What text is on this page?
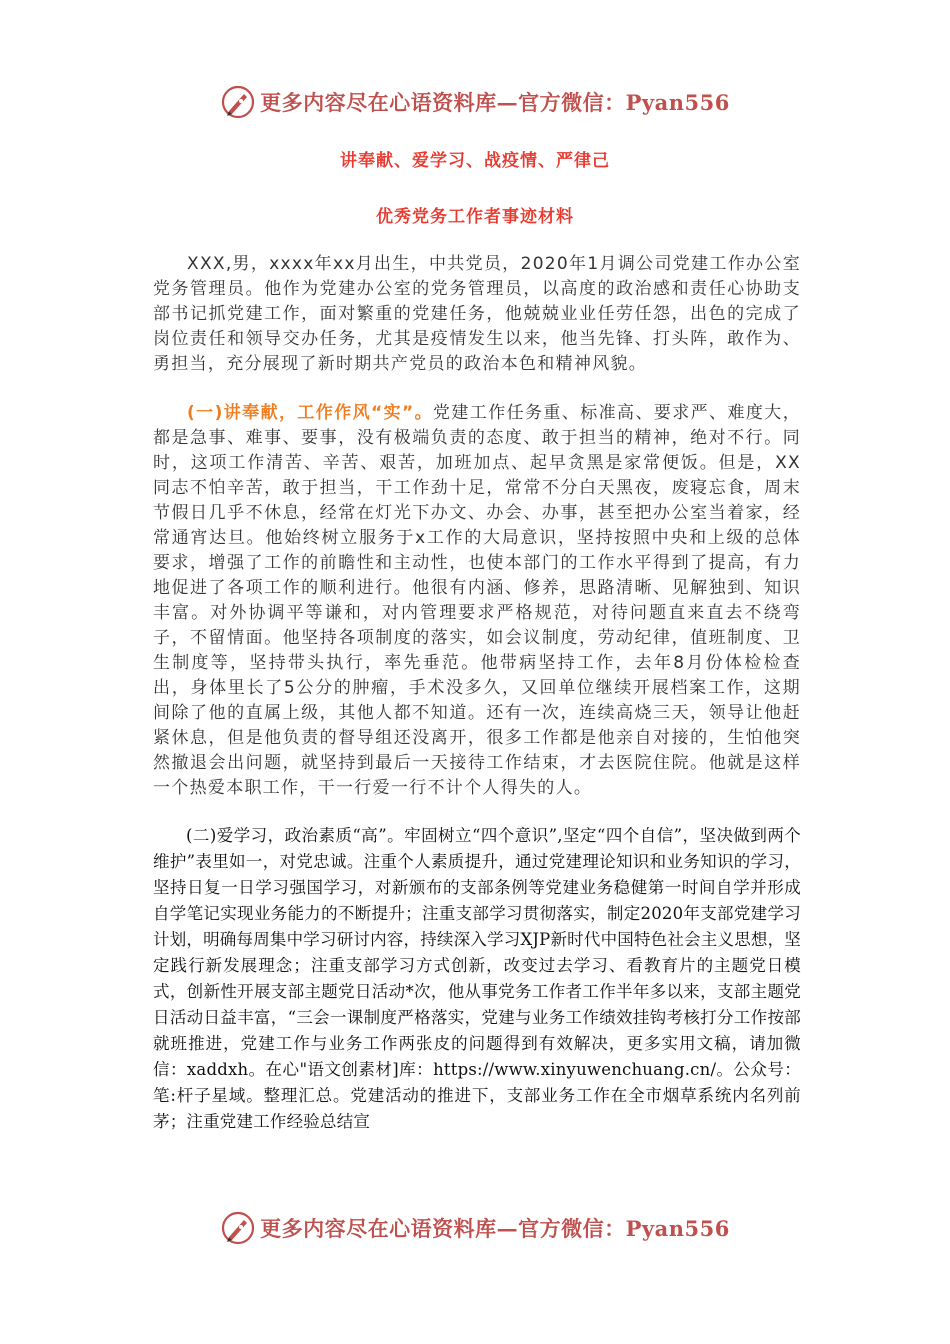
更多内容尽在心语资料库—官方微信：Pyan556
讲奉献、爱学习、战疫情、严律己
优秀党务工作者事迹材料

XXX,男，xxxx年xx月出生，中共党员，2020年1月调公司党建工作办公室党务管理员。他作为党建办公室的党务管理员，以高度的政治感和责任心协助支部书记抓党建工作，面对繁重的党建任务，他兢兢业业任劳任怨，出色的完成了岗位责任和领导交办任务，尤其是疫情发生以来，他当先锋、打头阵，敢作为、勇担当，充分展现了新时期共产党员的政治本色和精神风貌。

(一)讲奉献，工作作风“实”。党建工作任务重、标准高、要求严、难度大，都是急事、难事、要事，没有极端负责的态度、敢于担当的精神，绝对不行。同时，这项工作清苦、辛苦、艰苦，加班加点、起早贪黑是家常便饭。但是，XX同志不怕辛苦，敢于担当，干工作劲十足，常常不分白天黑夜，废寝忘食，周末节假日几乎不休息，经常在灯光下办文、办会、办事，甚至把办公室当着家，经常通宵达旦。他始终树立服务于x工作的大局意识，坚持按照中央和上级的总体要求，增强了工作的前瞻性和主动性，也使本部门的工作水平得到了提高，有力地促进了各项工作的顺利进行。他很有内涵、修养，思路清晰、见解独到、知识丰富。对外协调平等谦和，对内管理要求严格规范，对待问题直来直去不绕弯子，不留情面。他坚持各项制度的落实，如会议制度，劳动纪律，值班制度、卫生制度等，坚持带头执行，率先垂范。他带病坚持工作，去年8月份体检检查出，身体里长了5公分的肿瘤，手术没多久，又回单位继续开展档案工作，这期间除了他的直属上级，其他人都不知道。还有一次，连续高烧三天，领导让他赶紧休息，但是他负责的督导组还没离开，很多工作都是他亲自对接的，生怕他突然撤退会出问题，就坚持到最后一天接待工作结束，才去医院住院。他就是这样一个热爱本职工作，干一行爱一行不计个人得失的人。

(二)爱学习，政治素质“高”。牢固树立“四个意识”,坚定“四个自信”，坚决做到两个维护”表里如一，对党忠诚。注重个人素质提升，通过党建理论知识和业务知识的学习，坚持日复一日学习强国学习，对新颁布的支部条例等党建业务稳健第一时间自学并形成自学笔记实现业务能力的不断提升；注重支部学习贯彻落实，制定2020年支部党建学习计划，明确每周集中学习研讨内容，持续深入学习XJP新时代中国特色社会主义思想，坚定践行新发展理念；注重支部学习方式创新，改变过去学习、看教育片的主题党日模式，创新性开展支部主题党日活动*次，他从事党务工作者工作半年多以来，支部主题党日活动日益丰富，“三会一课制度严格落实，党建与业务工作绩效挂钩考核打分工作按部就班推进，党建工作与业务工作两张皮的问题得到有效解决，更多实用文稿，请加微信：xaddxh。在心"语文创素材]库：https://www.xinyuwenchuang.cn/。公众号：笔:杆子星域。整理汇总。党建活动的推进下，支部业务工作在全市烟草系统内名列前茅；注重党建工作经验总结宣

更多内容尽在心语资料库—官方微信：Pyan556
